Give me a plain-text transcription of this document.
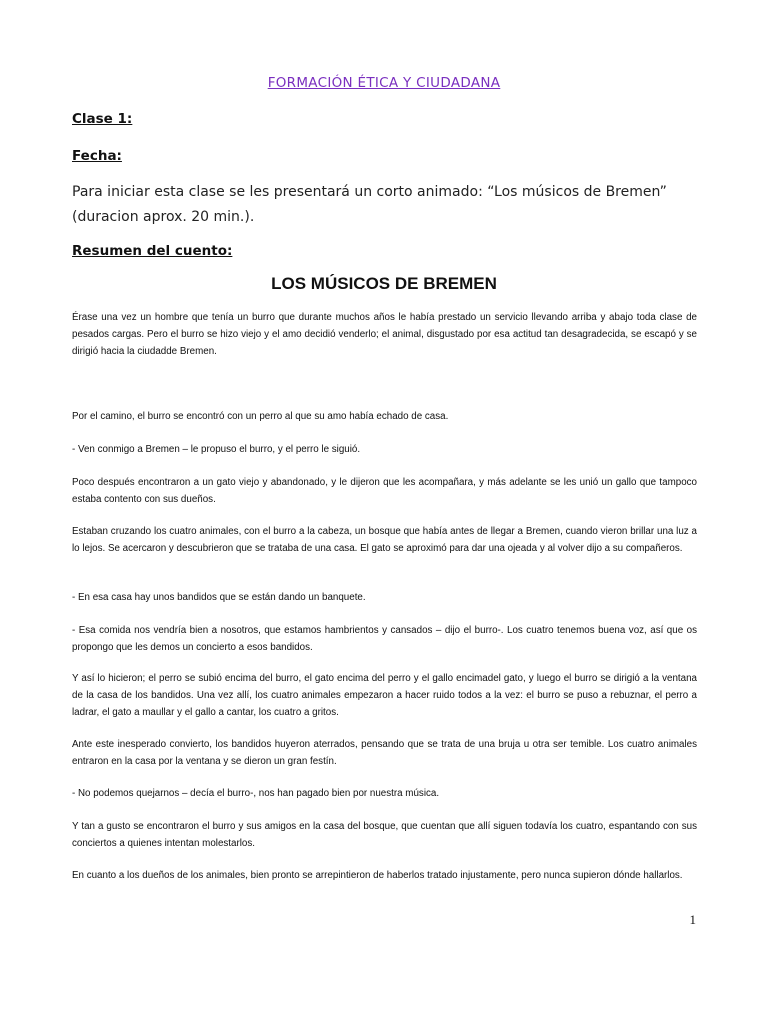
FORMACIÓN ÉTICA Y CIUDADANA
Clase 1:
Fecha:
Para iniciar esta clase se les presentará un corto animado: “Los músicos de Bremen” (duracion aprox. 20 min.).
Resumen del cuento:
LOS MÚSICOS DE BREMEN

Érase una vez un hombre que tenía un burro que durante muchos años le había prestado un servicio llevando arriba y abajo toda clase de pesados cargas. Pero el burro se hizo viejo y el amo decidió venderlo; el animal, disgustado por esa actitud tan desagradecida, se escapó y se dirigió hacia la ciudadde Bremen.

Por el camino, el burro se encontró con un perro al que su amo había echado de casa.

- Ven conmigo a Bremen – le propuso el burro, y el perro le siguió.

Poco después encontraron a un gato viejo y abandonado, y le dijeron que les acompañara, y más adelante se les unió un gallo que tampoco estaba contento con sus dueños.

Estaban cruzando los cuatro animales, con el burro a la cabeza, un bosque que había antes de llegar a Bremen, cuando vieron brillar una luz a lo lejos. Se acercaron y descubrieron que se trataba de una casa. El gato se aproximó para dar una ojeada y al volver dijo a su compañeros.

- En esa casa hay unos bandidos que se están dando un banquete.

- Esa comida nos vendría bien a nosotros, que estamos hambrientos y cansados – dijo el burro-. Los cuatro tenemos buena voz, así que os propongo que les demos un concierto a esos bandidos.

Y así lo hicieron; el perro se subió encima del burro, el gato encima del perro y el gallo encimadel gato, y luego el burro se dirigió a la ventana de la casa de los bandidos. Una vez allí, los cuatro animales empezaron a hacer ruido todos a la vez: el burro se puso a rebuznar, el perro a ladrar, el gato a maullar y el gallo a cantar, los cuatro a gritos.

Ante este inesperado convierto, los bandidos huyeron aterrados, pensando que se trata de una bruja u otra ser temible. Los cuatro animales entraron en la casa por la ventana y se dieron un gran festín.

- No podemos quejarnos – decía el burro-, nos han pagado bien por nuestra música.

Y tan a gusto se encontraron el burro y sus amigos en la casa del bosque, que cuentan que allí siguen todavía los cuatro, espantando con sus conciertos a quienes intentan molestarlos.

En cuanto a los dueños de los animales, bien pronto se arrepintieron de haberlos tratado injustamente, pero nunca supieron dónde hallarlos.

1
